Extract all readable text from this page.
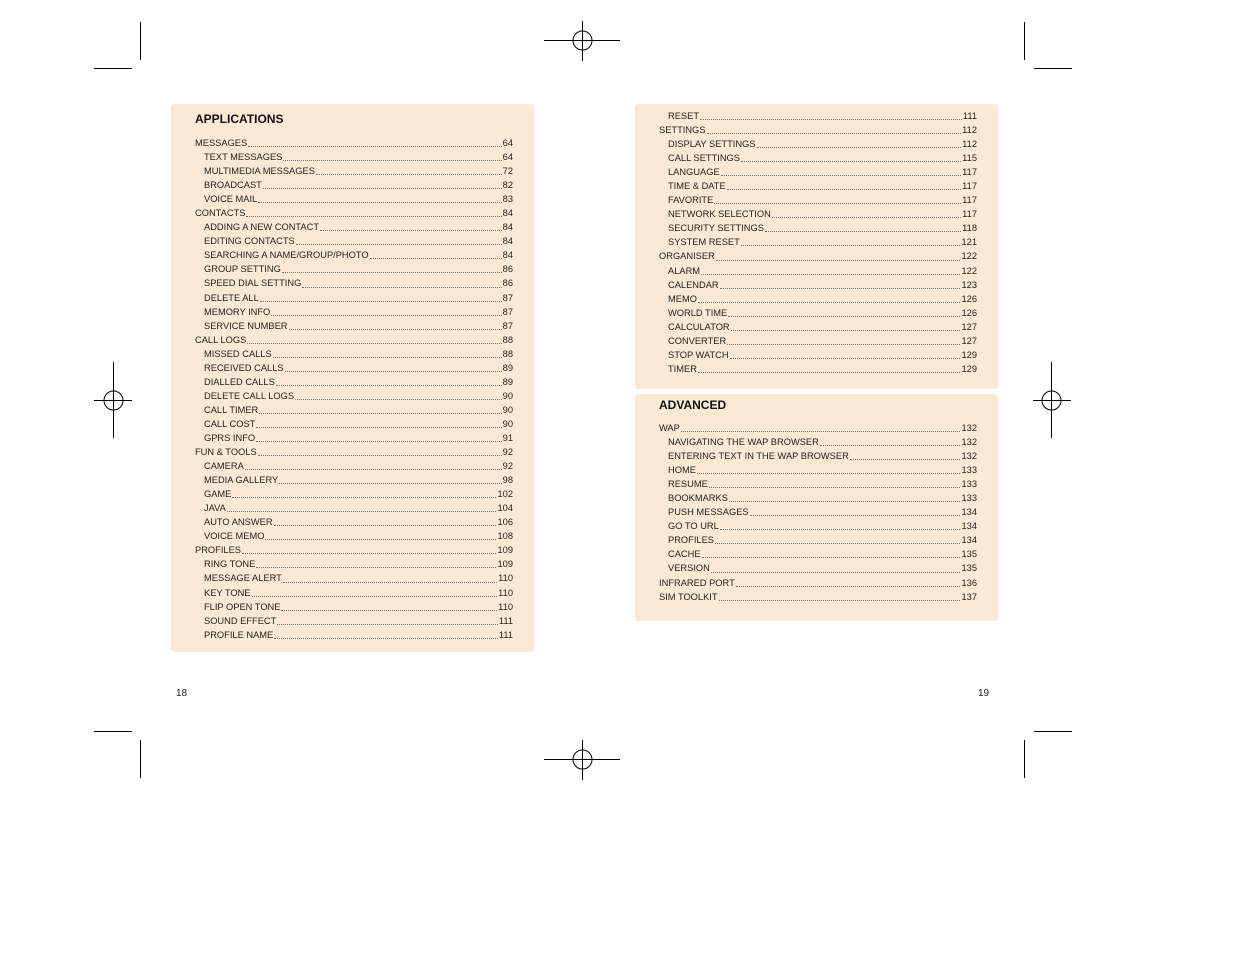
APPLICATIONS
MESSAGES	64
TEXT MESSAGES	64
MULTIMEDIA MESSAGES	72
BROADCAST	82
VOICE MAIL	83
CONTACTS	84
ADDING A NEW CONTACT	84
EDITING CONTACTS	84
SEARCHING A NAME/GROUP/PHOTO	84
GROUP SETTING	86
SPEED DIAL SETTING	86
DELETE ALL	87
MEMORY INFO	87
SERVICE NUMBER	87
CALL LOGS	88
MISSED CALLS	88
RECEIVED CALLS	89
DIALLED CALLS	89
DELETE CALL LOGS	90
CALL TIMER	90
CALL COST	90
GPRS INFO	91
FUN & TOOLS	92
CAMERA	92
MEDIA GALLERY	98
GAME	102
JAVA	104
AUTO ANSWER	106
VOICE MEMO	108
PROFILES	109
RING TONE	109
MESSAGE ALERT	110
KEY TONE	110
FLIP OPEN TONE	110
SOUND EFFECT	111
PROFILE NAME	111
RESET	111
SETTINGS	112
DISPLAY SETTINGS	112
CALL SETTINGS	115
LANGUAGE	117
TIME & DATE	117
FAVORITE	117
NETWORK SELECTION	117
SECURITY SETTINGS	118
SYSTEM RESET	121
ORGANISER	122
ALARM	122
CALENDAR	123
MEMO	126
WORLD TIME	126
CALCULATOR	127
CONVERTER	127
STOP WATCH	129
TIMER	129
ADVANCED
WAP	132
NAVIGATING THE WAP BROWSER	132
ENTERING TEXT IN THE WAP BROWSER	132
HOME	133
RESUME	133
BOOKMARKS	133
PUSH MESSAGES	134
GO TO URL	134
PROFILES	134
CACHE	135
VERSION	135
INFRARED PORT	136
SIM TOOLKIT	137
18	19
